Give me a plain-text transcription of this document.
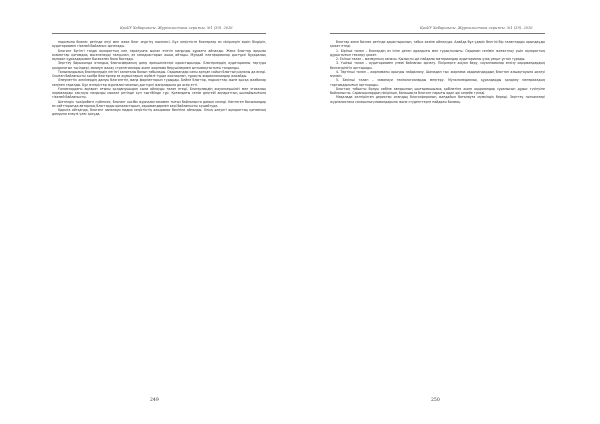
ҚазҰУ Хабаршысы. Журналистика сериясы. №1 (39). 2016

нарығына бизнес ретінде енуі мен жеке блог жүргізу мәселесі. Бұл кеңістікте блогерлер өз пікірлерін еркін білдіріп, аудиториямен тікелей байланыс орнатады.

Блогинг бүгінгі таңда ақпараттың кең таралуына ықпал ететін маңызды құралға айналды. Жеке блогтар арқылы азаматтар қоғамдық мәселелерді талқылап, өз көзқарастарын ашық айтады. Мұндай платформалар дәстүрлі бұқаралық ақпарат құралдарымен бәсекелес бола бастады.

Зерттеу барысында отандық блогосфераның даму ерекшеліктері қарастырылды. Блогерлердің аудиторияны тартуда қолданатын тәсілдері, мазмұн жасау стратегиялары және жарнама берушілермен ынтымақтастығы талданды.

Танымалдылық блогерлердің негізгі капиталы болып табылады. Оқырмандар саны артқан сайын блогтың ықпалы да өседі. Осыған байланысты кәсіби блогерлер өз жұмыстарын жүйелі түрде жоспарлап, тұрақты жарияланымдар жасайды.

Әлеуметтік желілердің дамуы блогингтің жаңа форматтарын тудырды. Бейне блогтар, подкасттар және қысқа жазбалар кеңінен таралды. Бұл өзгерістер журналистиканың дәстүрлі жанрларына да әсер етті.

Ғаламтордағы ақпарат ағыны қолданушыдан сыни ойлауды талап етеді. Блогерлердің жауапкершілігі мен этикалық нормаларды сақтауы маңызды мәселе ретінде күн тәртібінде тұр. Қоғамдағы сенім деңгейі ақпараттың шынайылығына тікелей байланысты.

Шетелдік тәжірибеге сүйенсек, блогинг кәсіби журналистикамен тығыз байланыста дамып келеді. Көптеген басылымдар өз сайттарында авторлық блогтарды орналастырып, оқырмандармен кері байланысты күшейтуде.

Қорыта айтқанда, блогинг заманауи медиа кеңістіктің ажырамас бөлігіне айналды. Оның әлеуеті ақпараттық қоғамның дамуына елеулі үлес қосуда.

249
ҚазҰУ Хабаршысы. Журналистика сериясы. №1 (39). 2016

блогтар жеке бизнес ретінде қарастырылып, табыс көзіне айналуда. Алайда бұл үдеріс белгілі бір талаптарды орындауды қажет етеді.

1. Бірінші талап – блогердің өз ісіне деген адалдығы мен тұрақтылығы. Оқырман сенімін жоғалтпау үшін ақпараттың дұрыстығын тексеру қажет.

2. Екінші талап – мазмұнның сапасы. Қызықты әрі пайдалы материалдар аудиторияны ұзақ уақыт ұстап тұрады.

3. Үшінші талап – аудиториямен үнемі байланыс орнату. Пікірлерге жауап беру, сауалнамалар өткізу оқырмандардың белсенділігін арттырады.

4. Төртінші талап – жарнаманы орынды пайдалану. Шамадан тыс жарнама оқырмандардың блогтан алшақтауына әкелуі мүмкін.

5. Бесінші талап – заманауи технологияларды меңгеру. Мультимедиялық құралдарды қолдану материалдың тартымдылығын арттырады.

Блогтың табысты болуы көбіне авторының шығармашылық қабілетіне және оқырмандар сұранысын дұрыс түсінуіне байланысты. Сарапшылардың пікірінше, болашақта блогинг нарығы одан әрі кеңейе түседі.

Мақалада келтірілген деректер отандық блогосфераның жағдайын бағалауға мүмкіндік береді. Зерттеу нәтижелері журналистика саласының мамандарына және студенттерге пайдалы болмақ.

250
